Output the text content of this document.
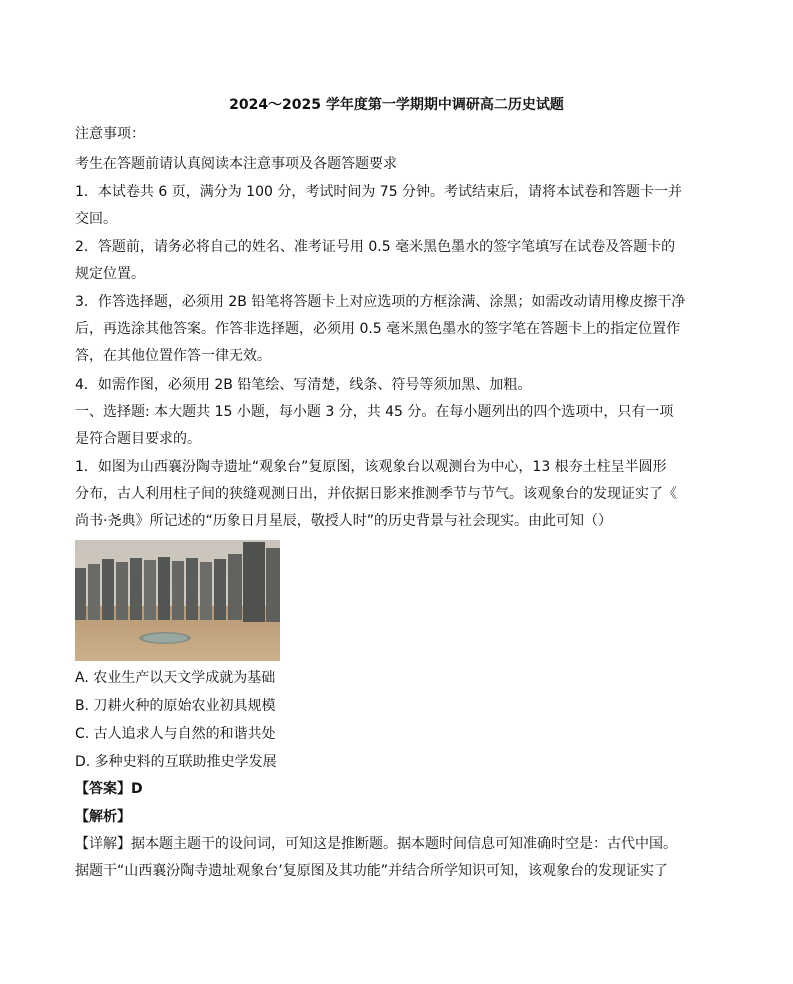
2024～2025 学年度第一学期期中调研高二历史试题
注意事项：
考生在答题前请认真阅读本注意事项及各题答题要求
1．本试卷共 6 页，满分为 100 分，考试时间为 75 分钟。考试结束后，请将本试卷和答题卡一并
交回。
2．答题前，请务必将自己的姓名、准考证号用 0.5 毫米黑色墨水的签字笔填写在试卷及答题卡的
规定位置。
3．作答选择题，必须用 2B 铅笔将答题卡上对应选项的方框涂满、涂黑；如需改动请用橡皮擦干净
后，再选涂其他答案。作答非选择题，必须用 0.5 毫米黑色墨水的签字笔在答题卡上的指定位置作
答，在其他位置作答一律无效。
4．如需作图，必须用 2B 铅笔绘、写清楚，线条、符号等须加黑、加粗。
一、选择题: 本大题共 15 小题，每小题 3 分，共 45 分。在每小题列出的四个选项中，只有一项
是符合题目要求的。
1．如图为山西襄汾陶寺遗址“观象台”复原图，该观象台以观测台为中心，13 根夯土柱呈半圆形
分布，古人利用柱子间的狭缝观测日出，并依据日影来推测季节与节气。该观象台的发现证实了《
尚书·尧典》所记述的“历象日月星辰，敬授人时”的历史背景与社会现实。由此可知（）
A. 农业生产以天文学成就为基础
B. 刀耕火种的原始农业初具规模
C. 古人追求人与自然的和谐共处
D. 多种史料的互联助推史学发展
【答案】D
【解析】
【详解】据本题主题干的设问词，可知这是推断题。据本题时间信息可知准确时空是：古代中国。
据题干“山西襄汾陶寺遗址观象台’复原图及其功能”并结合所学知识可知，该观象台的发现证实了
